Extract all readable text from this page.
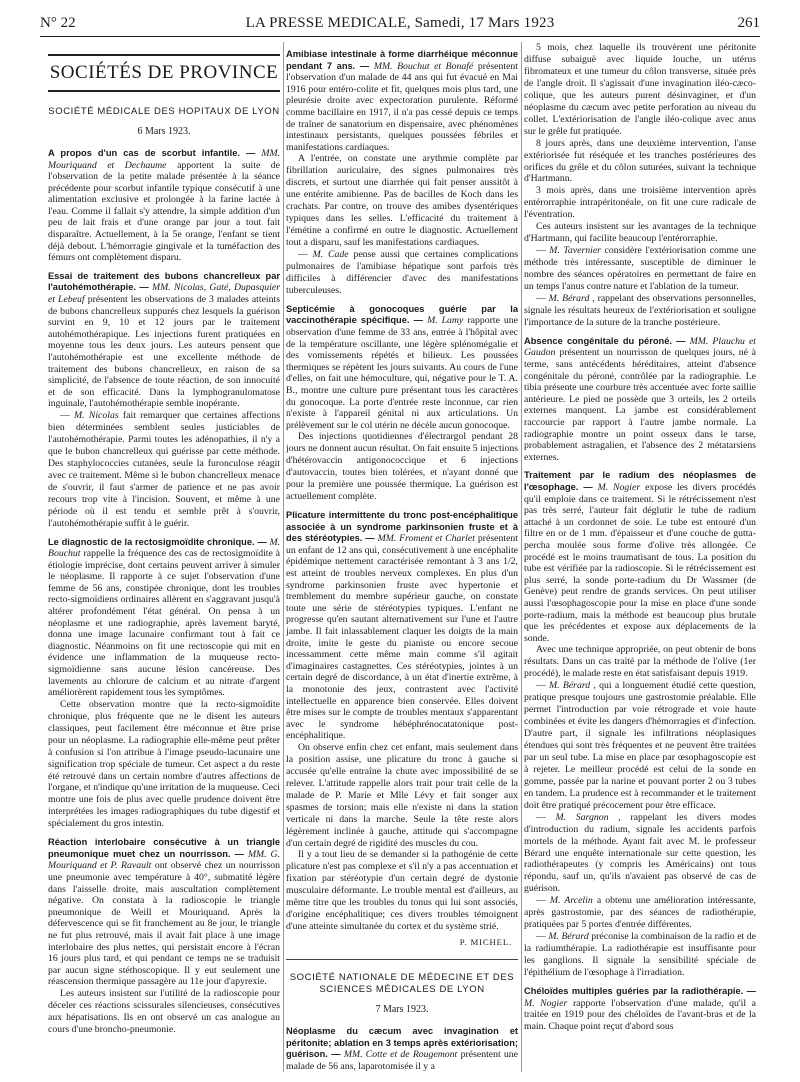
N° 22	LA PRESSE MEDICALE, Samedi, 17 Mars 1923	261
SOCIÉTÉS DE PROVINCE
SOCIÉTÉ MÉDICALE DES HOPITAUX DE LYON
6 Mars 1923.

A propos d'un cas de scorbut infantile. — MM. Mouriquand et Dechaume apportent la suite de l'observation de la petite malade présentée à la séance précédente pour scorbut infantile typique consécutif à une alimentation exclusive et prolongée à la farine lactée à l'eau. Comme il fallait s'y attendre, la simple addition d'un peu de lait frais et d'une orange par jour a tout fait disparaître. Actuellement, à la 5e orange, l'enfant se tient déjà debout. L'hémorragie gingivale et la tuméfaction des fémurs ont complètement disparu.

Essai de traitement des bubons chancrelleux par l'autohémothérapie. — MM. Nicolas, Gaté, Dupasquier et Lebeuf présentent les observations de 3 malades atteints de bubons chancrelleux suppurés chez lesquels la guérison survint en 9, 10 et 12 jours par le traitement autohémothérapique. Les injections furent pratiquées en moyenne tous les deux jours. Les auteurs pensent que l'autohémothérapie est une excellente méthode de traitement des bubons chancrelleux, en raison de sa simplicité, de l'absence de toute réaction, de son innocuité et de son efficacité. Dans la lymphogranulomatose inguinale, l'autohémothérapie semble inopérante.

— M. Nicolas fait remarquer que certaines affections bien déterminées semblent seules justiciables de l'autohémothérapie. Parmi toutes les adénopathies, il n'y a que le bubon chancrelleux qui guérisse par cette méthode. Des staphylococcies cutanées, seule la furonculose réagit avec ce traitement. Même si le bubon chancrelleux menace de s'ouvrir, il faut s'armer de patience et ne pas avoir recours trop vite à l'incision. Souvent, et même à une période où il est tendu et semble prêt à s'ouvrir, l'autohémothérapie suffit à le guérir.

Le diagnostic de la rectosigmoïdite chronique. — M. Bouchut rappelle la fréquence des cas de rectosigmoïdite à étiologie imprécise, dont certains peuvent arriver à simuler le néoplasme. Il rapporte à ce sujet l'observation d'une femme de 56 ans, constipée chronique, dont les troubles recto-sigmoïdiens ordinaires allèrent en s'aggravant jusqu'à altérer profondément l'état général. On pensa à un néoplasme et une radiographie, après lavement baryté, donna une image lacunaire confirmant tout à fait ce diagnostic. Néanmoins on fit une rectoscopie qui mit en évidence une inflammation de la muqueuse recto-sigmoïdienne sans aucune lésion cancéreuse. Des lavements au chlorure de calcium et au nitrate d'argent améliorèrent rapidement tous les symptômes.

Cette observation montre que la recto-sigmoïdite chronique, plus fréquente que ne le disent les auteurs classiques, peut facilement être méconnue et être prise pour un néoplasme. La radiographie elle-même peut prêter à confusion si l'on attribue à l'image pseudo-lacunaire une signification trop spéciale de tumeur. Cet aspect a du reste été retrouvé dans un certain nombre d'autres affections de l'organe, et n'indique qu'une irritation de la muqueuse. Ceci montre une fois de plus avec quelle prudence doivent être interprétées les images radiographiques du tube digestif et spécialement du gros intestin.

Réaction interlobaire consécutive à un triangle pneumonique muet chez un nourrisson. — MM. G. Mouriquand et P. Ravault ont observé chez un nourrisson une pneumonie avec température à 40°, submatité légère dans l'aisselle droite, mais auscultation complètement négative. On constata à la radioscopie le triangle pneumonique de Weill et Mouriquand. Après la défervescence qui se fit franchement au 8e jour, le triangle ne fut plus retrouvé, mais il avait fait place à une image interlobaire des plus nettes, qui persistait encore à l'écran 16 jours plus tard, et qui pendant ce temps ne se traduisit par aucun signe stéthoscopique. Il y eut seulement une réascension thermique passagère au 11e jour d'apyrexie.

Les auteurs insistent sur l'utilité de la radioscopie pour déceler ces réactions scissurales silencieuses, consécutives aux hépatisations. Ils en ont observé un cas analogue au cours d'une broncho-pneumonie.

Amibiase intestinale à forme diarrhéique méconnue pendant 7 ans. — MM. Bouchut et Bonafé présentent l'observation d'un malade de 44 ans qui fut évacué en Mai 1916 pour entéro-colite et fit, quelques mois plus tard, une pleurésie droite avec expectoration purulente. Réformé comme bacillaire en 1917, il n'a pas cessé depuis ce temps de traîner de sanatorium en dispensaire, avec phénomènes intestinaux persistants, quelques poussées fébriles et manifestations cardiaques.

A l'entrée, on constate une arythmie complète par fibrillation auriculaire, des signes pulmonaires très discrets, et surtout une diarrhée qui fait penser aussitôt à une entérite amibienne. Pas de bacilles de Koch dans les crachats. Par contre, on trouve des amibes dysentériques typiques dans les selles. L'efficacité du traitement à l'émétine a confirmé en outre le diagnostic. Actuellement tout a disparu, sauf les manifestations cardiaques.

— M. Cade pense aussi que certaines complications pulmonaires de l'amibiase hépatique sont parfois très difficiles à différencier d'avec des manifestations tuberculeuses.

Septicémie à gonocoques guérie par la vaccinothérapie spécifique. — M. Lamy rapporte une observation d'une femme de 33 ans, entrée à l'hôpital avec de la température oscillante, une légère splénomégalie et des vomissements répétés et bilieux. Les poussées thermiques se répètent les jours suivants. Au cours de l'une d'elles, on fait une hémoculture, qui, négative pour le T. A. B., montre une culture pure présentant tous les caractères du gonocoque. La porte d'entrée reste inconnue, car rien n'existe à l'appareil génital ni aux articulations. Un prélèvement sur le col utérin ne décèle aucun gonocoque.

Des injections quotidiennes d'électrargol pendant 28 jours ne donnent aucun résultat. On fait ensuite 5 injections d'hétérovaccin antigonococcique et 6 injections d'autovaccin, toutes bien tolérées, et n'ayant donné que pour la première une poussée thermique. La guérison est actuellement complète.

Plicature intermittente du tronc post-encéphalitique associée à un syndrome parkinsonien fruste et à des stéréotypies. — MM. Froment et Charlet présentent un enfant de 12 ans qui, consécutivement à une encéphalite épidémique nettement caractérisée remontant à 3 ans 1/2, est atteint de troubles nerveux complexes. En plus d'un syndrome parkinsonien fruste avec hypertonie et tremblement du membre supérieur gauche, on constate toute une série de stéréotypies typiques. L'enfant ne progresse qu'en sautant alternativement sur l'une et l'autre jambe. Il fait inlassablement claquer les doigts de la main droite, imite le geste du pianiste ou encore secoue incessamment cette même main comme s'il agitait d'imaginaires castagnettes. Ces stéréotypies, jointes à un certain degré de discordance, à un état d'inertie extrême, à la monotonie des jeux, contrastent avec l'activité intellectuelle en apparence bien conservée. Elles doivent être mises sur le compte de troubles mentaux s'apparentant avec le syndrome hébéphrénocatatonique post-encéphalitique.

On observe enfin chez cet enfant, mais seulement dans la position assise, une plicature du tronc à gauche si accusée qu'elle entraîne la chute avec impossibilité de se relever. L'attitude rappelle alors trait pour trait celle de la malade de P. Marie et Mlle Lévy et fait songer aux spasmes de torsion; mais elle n'existe ni dans la station verticale ni dans la marche. Seule la tête reste alors légèrement inclinée à gauche, attitude qui s'accompagne d'un certain degré de rigidité des muscles du cou.

Il y a tout lieu de se demander si la pathogénie de cette plicature n'est pas complexe et s'il n'y a pas accentuation et fixation par stéréotypie d'un certain degré de dystonie musculaire déformante. Le trouble mental est d'ailleurs, au même titre que les troubles du tonus qui lui sont associés, d'origine encéphalitique; ces divers troubles témoignent d'une atteinte simultanée du cortex et du système strié.

P. MICHEL.
SOCIÉTÉ NATIONALE DE MÉDECINE ET DES SCIENCES MÉDICALES DE LYON
7 Mars 1923.

Néoplasme du cæcum avec invagination et péritonite; ablation en 3 temps après extériorisation; guérison. — MM. Cotte et de Rougemont présentent une malade de 56 ans, laparotomisée il y a

5 mois, chez laquelle ils trouvèrent une péritonite diffuse subaiguë avec liquide louche, un utérus fibromateux et une tumeur du côlon transverse, située près de l'angle droit. Il s'agissait d'une invagination iléo-cæco-colique, que les auteurs purent désinvaginer, et d'un néoplasme du cæcum avec petite perforation au niveau du collet. L'extériorisation de l'angle iléo-colique avec anus sur le grêle fut pratiquée.

8 jours après, dans une deuxième intervention, l'anse extériorisée fut réséquée et les tranches postérieures des orifices du grêle et du côlon suturées, suivant la technique d'Hartmann.

3 mois après, dans une troisième intervention après entérorraphie intrapéritonéale, on fit une cure radicale de l'éventration.

Ces auteurs insistent sur les avantages de la technique d'Hartmann, qui facilite beaucoup l'entérorraphie.

— M. Tavernier considère l'extériorisation comme une méthode très intéressante, susceptible de diminuer le nombre des séances opératoires en permettant de faire en un temps l'anus contre nature et l'ablation de la tumeur.

— M. Bérard , rappelant des observations personnelles, signale les résultats heureux de l'extériorisation et souligne l'importance de la suture de la tranche postérieure.

Absence congénitale du péroné. — MM. Plauchu et Gaudon présentent un nourrisson de quelques jours, né à terme, sans antécédents héréditaires, atteint d'absence congénitale du péroné, contrôlée par la radiographie. Le tibia présente une courbure très accentuée avec forte saillie antérieure. Le pied ne possède que 3 orteils, les 2 orteils externes manquent. La jambe est considérablement raccourcie par rapport à l'autre jambe normale. La radiographie montre un point osseux dans le tarse, probablement astragalien, et l'absence des 2 métatarsiens externes.

Traitement par le radium des néoplasmes de l'œsophage. — M. Nogier expose les divers procédés qu'il emploie dans ce traitement. Si le rétrécissement n'est pas très serré, l'auteur fait déglutir le tube de radium attaché à un cordonnet de soie. Le tube est entouré d'un filtre en or de 1 mm. d'épaisseur et d'une couche de gutta-percha moulée sous forme d'olive très allongée. Ce procédé est le moins traumatisant de tous. La position du tube est vérifiée par la radioscopie. Si le rétrécissement est plus serré, la sonde porte-radium du Dr Wassmer (de Genève) peut rendre de grands services. On peut utiliser aussi l'œsophagoscopie pour la mise en place d'une sonde porte-radium, mais la méthode est beaucoup plus brutale que les précédentes et expose aux déplacements de la sonde.

Avec une technique appropriée, on peut obtenir de bons résultats. Dans un cas traité par la méthode de l'olive (1er procédé), le malade reste en état satisfaisant depuis 1919.

— M. Bérard , qui a longuement étudié cette question, pratique presque toujours une gastrostomie préalable. Elle permet l'introduction par voie rétrograde et voie haute combinées et évite les dangers d'hémorragies et d'infection. D'autre part, il signale les infiltrations néoplasiques étendues qui sont très fréquentes et ne peuvent être traitées par un seul tube. La mise en place par œsophagoscopie est à rejeter. Le meilleur procédé est celui de la sonde en gomme, passée par la narine et pouvant porter 2 ou 3 tubes en tandem. La prudence est à recommander et le traitement doit être pratiqué précocement pour être efficace.

— M. Sargnon , rappelant les divers modes d'introduction du radium, signale les accidents parfois mortels de la méthode. Ayant fait avec M. le professeur Bérard une enquête internationale sur cette question, les radiothérapeutes (y compris les Américains) ont tous répondu, sauf un, qu'ils n'avaient pas observé de cas de guérison.

— M. Arcelin a obtenu une amélioration intéressante, après gastrostomie, par des séances de radiothérapie, pratiquées par 5 portes d'entrée différentes.

— M. Bérard préconise la combinaison de la radio et de la radiumthérapie. La radiothérapie est insuffisante pour les ganglions. Il signale la sensibilité spéciale de l'épithélium de l'œsophage à l'irradiation.

Chéloïdes multiples guéries par la radiothérapie. — M. Nogier rapporte l'observation d'une malade, qu'il a traitée en 1919 pour des chéloïdes de l'avant-bras et de la main. Chaque point reçut d'abord sous
